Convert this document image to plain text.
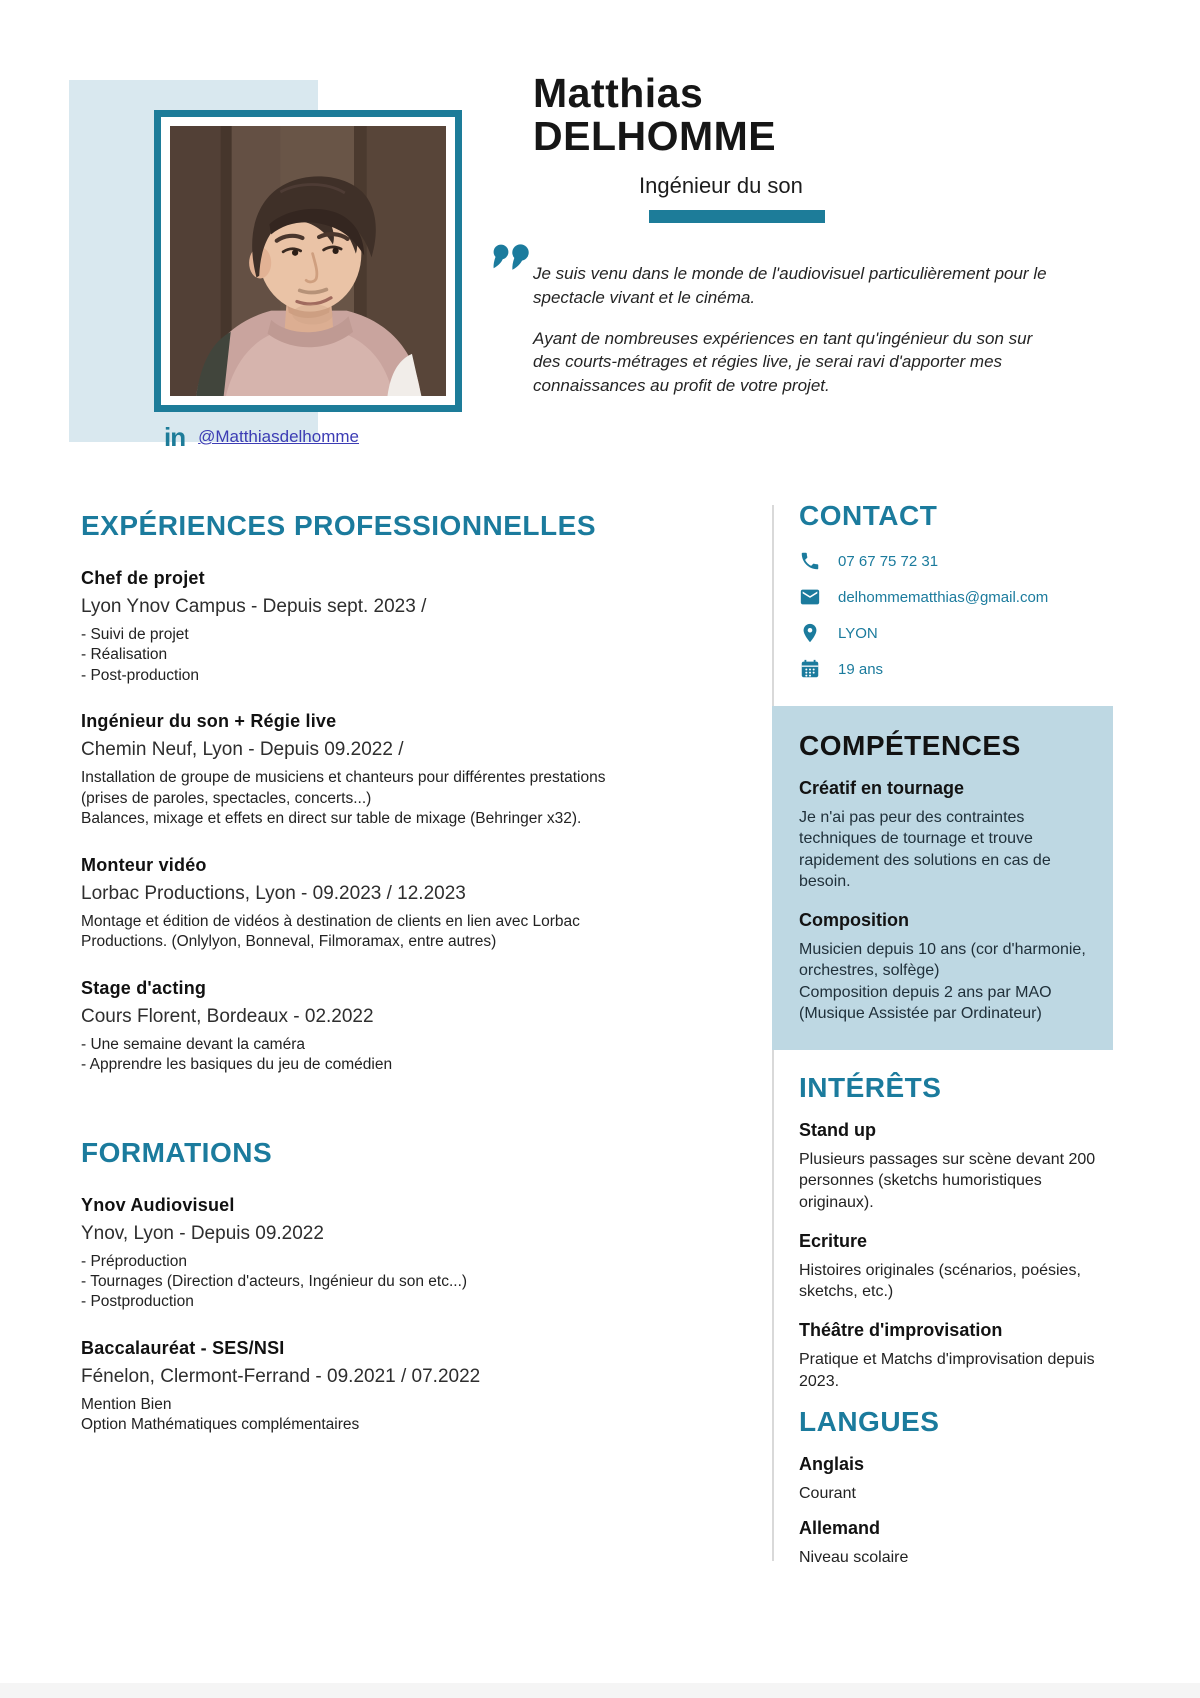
Matthias
DELHOMME
Ingénieur du son
Je suis venu dans le monde de l'audiovisuel particulièrement pour le spectacle vivant et le cinéma.
Ayant de nombreuses expériences en tant qu'ingénieur du son sur des courts-métrages et régies live, je serai ravi d'apporter mes connaissances au profit de votre projet.
in @Matthiasdelhomme
EXPÉRIENCES PROFESSIONNELLES
Chef de projet
Lyon Ynov Campus - Depuis sept. 2023 /
- Suivi de projet
- Réalisation
- Post-production
Ingénieur du son + Régie live
Chemin Neuf, Lyon - Depuis 09.2022 /
Installation de groupe de musiciens et chanteurs pour différentes prestations
(prises de paroles, spectacles, concerts...)
Balances, mixage et effets en direct sur table de mixage (Behringer x32).
Monteur vidéo
Lorbac Productions, Lyon - 09.2023 / 12.2023
Montage et édition de vidéos à destination de clients en lien avec Lorbac
Productions. (Onlylyon, Bonneval, Filmoramax, entre autres)
Stage d'acting
Cours Florent, Bordeaux - 02.2022
- Une semaine devant la caméra
- Apprendre les basiques du jeu de comédien
FORMATIONS
Ynov Audiovisuel
Ynov, Lyon - Depuis 09.2022
- Préproduction
- Tournages (Direction d'acteurs, Ingénieur du son etc...)
- Postproduction
Baccalauréat - SES/NSI
Fénelon, Clermont-Ferrand - 09.2021 / 07.2022
Mention Bien
Option Mathématiques complémentaires
CONTACT
07 67 75 72 31
delhommematthias@gmail.com
LYON
19 ans
COMPÉTENCES
Créatif en tournage
Je n'ai pas peur des contraintes techniques de tournage et trouve rapidement des solutions en cas de besoin.
Composition
Musicien depuis 10 ans (cor d'harmonie, orchestres, solfège)
Composition depuis 2 ans par MAO (Musique Assistée par Ordinateur)
INTÉRÊTS
Stand up
Plusieurs passages sur scène devant 200 personnes (sketchs humoristiques originaux).
Ecriture
Histoires originales (scénarios, poésies, sketchs, etc.)
Théâtre d'improvisation
Pratique et Matchs d'improvisation depuis 2023.
LANGUES
Anglais
Courant
Allemand
Niveau scolaire
